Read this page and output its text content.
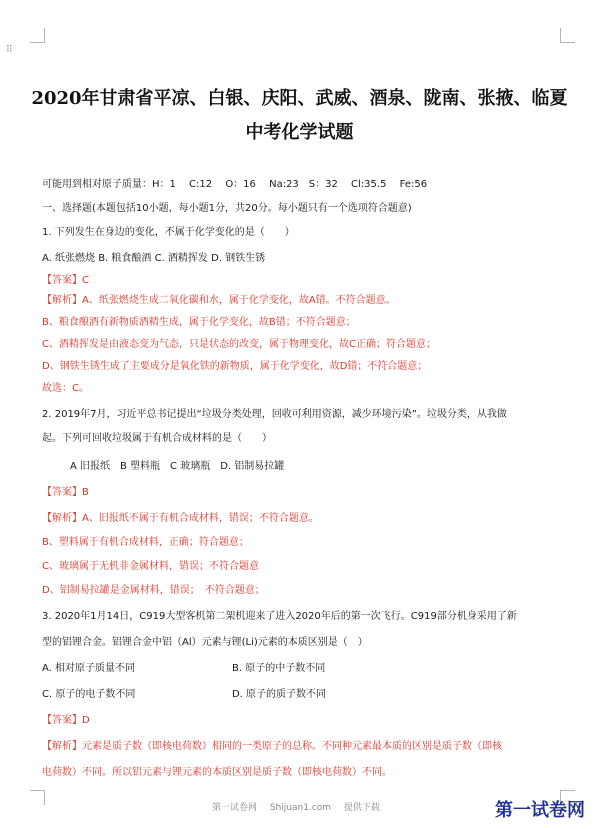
⠿
2020年甘肃省平凉、白银、庆阳、武威、酒泉、陇南、张掖、临夏
中考化学试题
可能用到相对原子质量：H：1　 C:12　 O：16　 Na:23　S：32　 Cl:35.5　 Fe:56
一、选择题(本题包括10小题，每小题1分，共20分。每小题只有一个选项符合题意)
1. 下列发生在身边的变化，不属于化学变化的是（　　）
A. 纸张燃烧 B. 粮食酿酒 C. 酒精挥发 D. 钢铁生锈
【答案】C
【解析】A、纸张燃烧生成二氧化碳和水，属于化学变化，故A错。不符合题意。
B、粮食酿酒有新物质酒精生成，属于化学变化，故B错；不符合题意；
C、酒精挥发是由液态变为气态，只是状态的改变，属于物理变化，故C正确；符合题意；
D、钢铁生锈生成了主要成分是氧化铁的新物质，属于化学变化，故D错；不符合题意；
故选：C。
2. 2019年7月，习近平总书记提出“垃圾分类处理，回收可利用资源，减少环境污染”。垃圾分类，从我做
起。下列可回收垃圾属于有机合成材料的是（　　）
A 旧报纸　B 塑料瓶　C 玻璃瓶　D. 铝制易拉罐
【答案】B
【解析】A、旧报纸不属于有机合成材料，错误；不符合题意。
B、塑料属于有机合成材料，正确；符合题意；
C、玻璃属于无机非金属材料，错误；不符合题意
D、铝制易拉罐是金属材料，错误；　不符合题意；
3. 2020年1月14日，C919大型客机第二架机迎来了进入2020年后的第一次飞行。C919部分机身采用了新
型的铝锂合金。铝锂合金中铝（Al）元素与锂(Li)元素的本质区别是（　）
A. 相对原子质量不同	B. 原子的中子数不同
C. 原子的电子数不同	D. 原子的质子数不同
【答案】D
【解析】元素是质子数（即核电荷数）相同的一类原子的总称。不同种元素最本质的区别是质子数（即核
电荷数）不同。所以铝元素与锂元素的本质区别是质子数（即核电荷数）不同。
第一试卷网 Shijuan1.com 提供下载	第一试卷网
